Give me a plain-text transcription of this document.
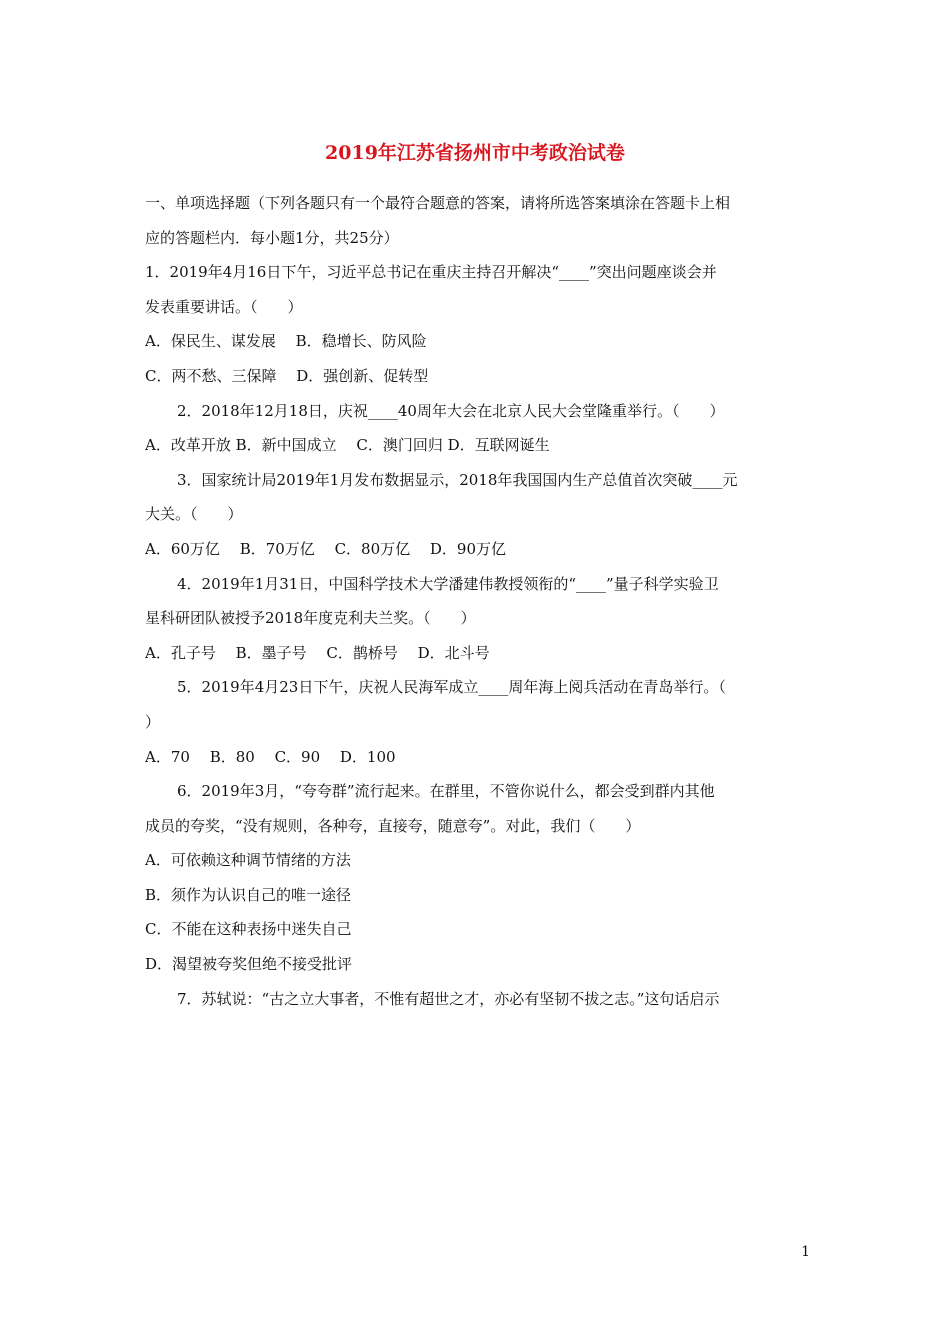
2019年江苏省扬州市中考政治试卷
一、单项选择题（下列各题只有一个最符合题意的答案，请将所选答案填涂在答题卡上相
应的答题栏内．每小题1分，共25分）
1．2019年4月16日下午，习近平总书记在重庆主持召开解决“____”突出问题座谈会并
发表重要讲话。（　　）
A．保民生、谋发展　 B．稳增长、防风险
C．两不愁、三保障　 D．强创新、促转型
2．2018年12月18日，庆祝____40周年大会在北京人民大会堂隆重举行。（　　）
A．改革开放 B．新中国成立　 C．澳门回归 D．互联网诞生
3．国家统计局2019年1月发布数据显示，2018年我国国内生产总值首次突破____元
大关。（　　）
A．60万亿　 B．70万亿　 C．80万亿　 D．90万亿
4．2019年1月31日，中国科学技术大学潘建伟教授领衔的“____”量子科学实验卫
星科研团队被授予2018年度克利夫兰奖。（　　）
A．孔子号　 B．墨子号　 C．鹊桥号　 D．北斗号
5．2019年4月23日下午，庆祝人民海军成立____周年海上阅兵活动在青岛举行。（
）
A．70　 B．80　 C．90　 D．100
6．2019年3月，“夸夸群”流行起来。在群里，不管你说什么，都会受到群内其他
成员的夸奖，“没有规则，各种夸，直接夸，随意夸”。对此，我们（　　）
A．可依赖这种调节情绪的方法
B．须作为认识自己的唯一途径
C．不能在这种表扬中迷失自己
D．渴望被夸奖但绝不接受批评
7．苏轼说：“古之立大事者，不惟有超世之才，亦必有坚韧不拔之志。”这句话启示
1
